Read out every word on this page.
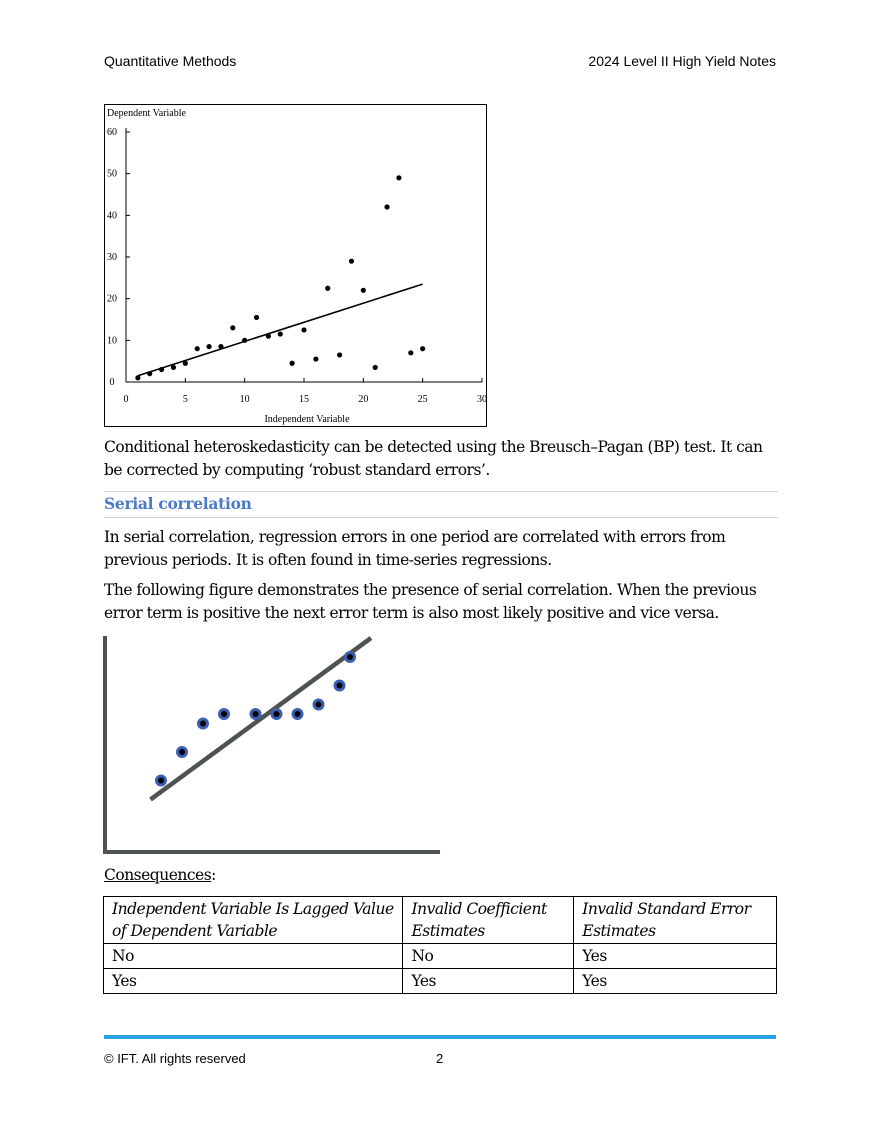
Quantitative Methods	2024 Level II High Yield Notes
Dependent Variable
Independent Variable
0	5	10	15	20	25	30
0
10
20
30
40
50
60

Conditional heteroskedasticity can be detected using the Breusch–Pagan (BP) test. It can be corrected by computing ‘robust standard errors’.

Serial correlation

In serial correlation, regression errors in one period are correlated with errors from previous periods. It is often found in time-series regressions.

The following figure demonstrates the presence of serial correlation. When the previous error term is positive the next error term is also most likely positive and vice versa.

Consequences:
Independent Variable Is Lagged Value of Dependent Variable	Invalid Coefficient Estimates	Invalid Standard Error Estimates
No	No	Yes
Yes	Yes	Yes
© IFT. All rights reserved	2
